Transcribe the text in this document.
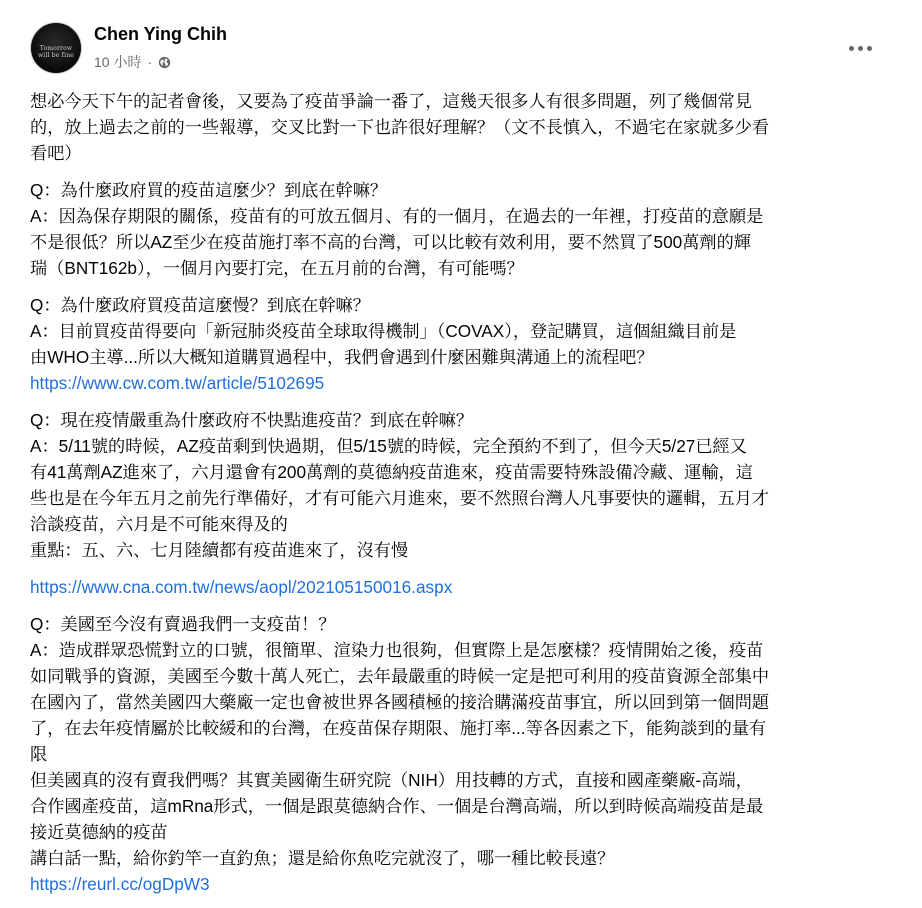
Tomorrow
will be fine
Chen Ying Chih
10 小時 ·
想必今天下午的記者會後，又要為了疫苗爭論一番了，這幾天很多人有很多問題，列了幾個常見
的，放上過去之前的一些報導，交叉比對一下也許很好理解？（文不長慎入，不過宅在家就多少看
看吧）
Q：為什麼政府買的疫苗這麼少？到底在幹嘛？
A：因為保存期限的關係，疫苗有的可放五個月、有的一個月，在過去的一年裡，打疫苗的意願是
不是很低？所以AZ至少在疫苗施打率不高的台灣，可以比較有效利用，要不然買了500萬劑的輝
瑞（BNT162b），一個月內要打完，在五月前的台灣，有可能嗎？
Q：為什麼政府買疫苗這麼慢？到底在幹嘛？
A：目前買疫苗得要向「新冠肺炎疫苗全球取得機制」（COVAX），登記購買，這個組織目前是
由WHO主導...所以大概知道購買過程中，我們會遇到什麼困難與溝通上的流程吧？
https://www.cw.com.tw/article/5102695
Q：現在疫情嚴重為什麼政府不快點進疫苗？到底在幹嘛？
A：5/11號的時候，AZ疫苗剩到快過期，但5/15號的時候，完全預約不到了，但今天5/27已經又
有41萬劑AZ進來了，六月還會有200萬劑的莫德納疫苗進來，疫苗需要特殊設備冷藏、運輸，這
些也是在今年五月之前先行準備好，才有可能六月進來，要不然照台灣人凡事要快的邏輯，五月才
洽談疫苗，六月是不可能來得及的
重點：五、六、七月陸續都有疫苗進來了，沒有慢
https://www.cna.com.tw/news/aopl/202105150016.aspx
Q：美國至今沒有賣過我們一支疫苗！？
A：造成群眾恐慌對立的口號，很簡單、渲染力也很夠，但實際上是怎麼樣？疫情開始之後，疫苗
如同戰爭的資源，美國至今數十萬人死亡，去年最嚴重的時候一定是把可利用的疫苗資源全部集中
在國內了，當然美國四大藥廠一定也會被世界各國積極的接洽購滿疫苗事宜，所以回到第一個問題
了，在去年疫情屬於比較緩和的台灣，在疫苗保存期限、施打率...等各因素之下，能夠談到的量有
限
但美國真的沒有賣我們嗎？其實美國衛生研究院（NIH）用技轉的方式，直接和國產藥廠-高端，
合作國產疫苗，這mRna形式，一個是跟莫德納合作、一個是台灣高端，所以到時候高端疫苗是最
接近莫德納的疫苗
講白話一點，給你釣竿一直釣魚；還是給你魚吃完就沒了，哪一種比較長遠？
https://reurl.cc/ogDpW3
